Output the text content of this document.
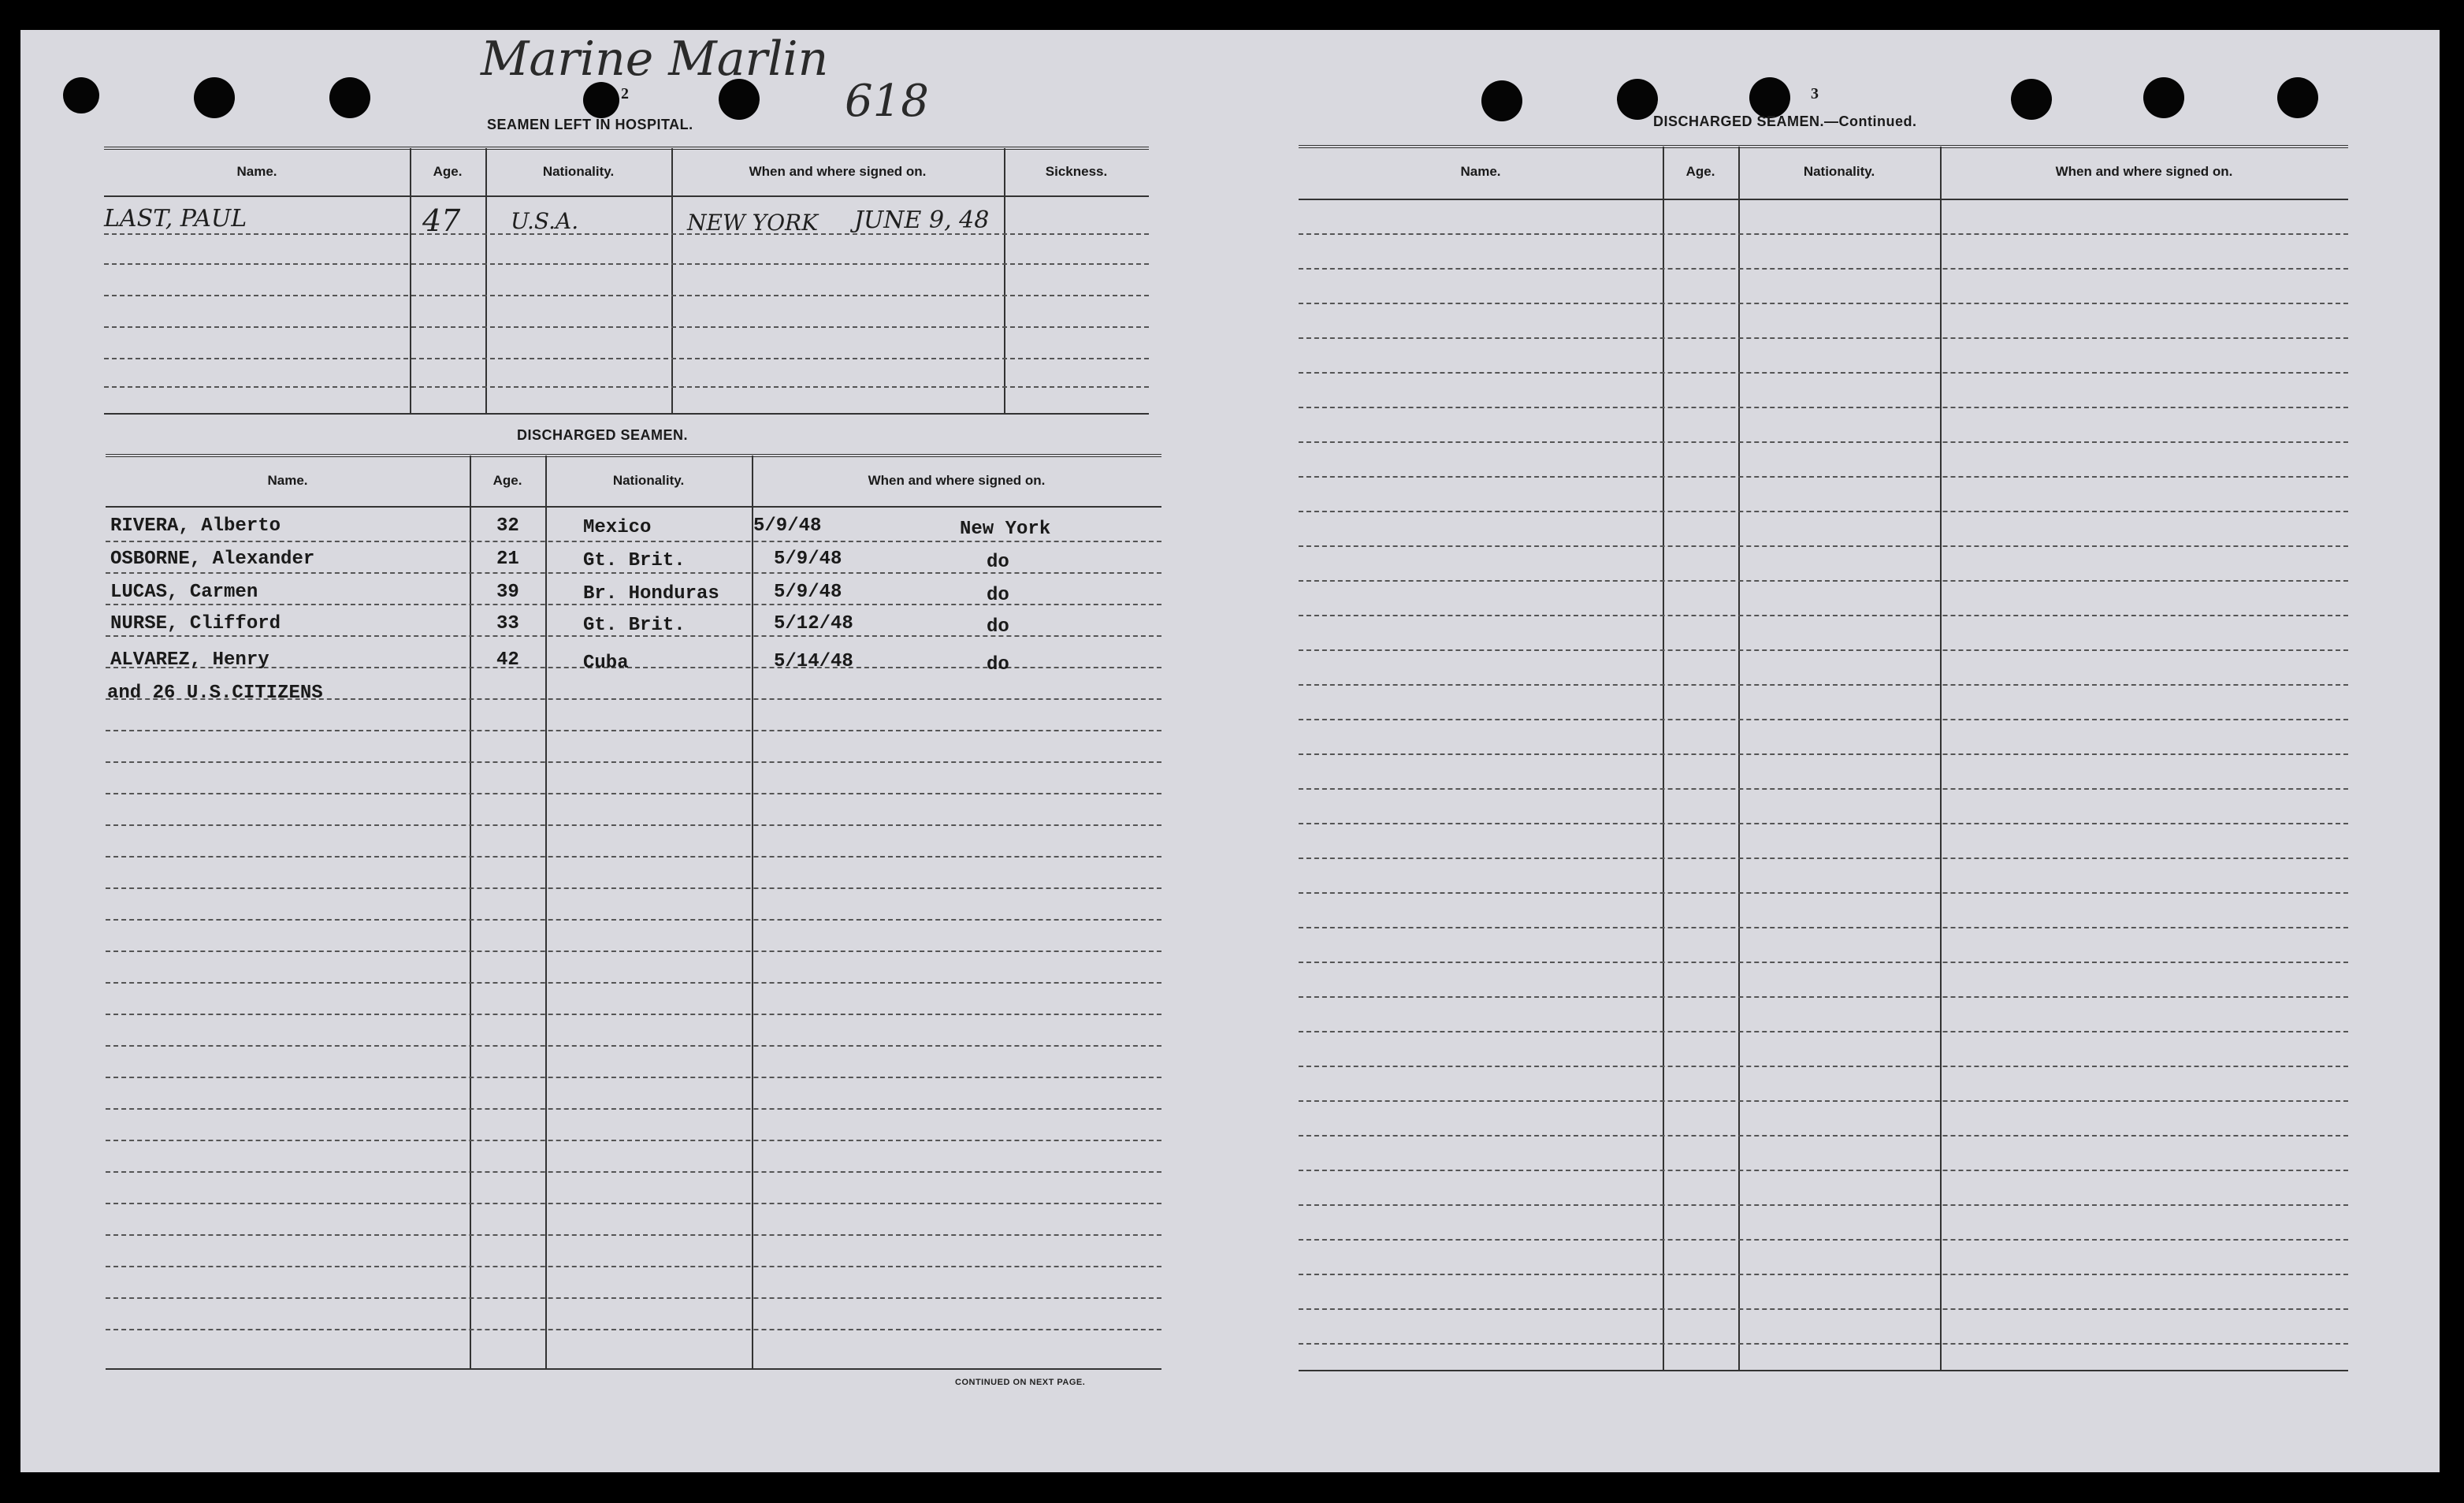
Marine Marlin
618
2	3
SEAMEN LEFT IN HOSPITAL.
Name.	Age.	Nationality.	When and where signed on.	Sickness.
LAST, PAUL	47 U.S.A.	NEW YORK JUNE 9, 48
DISCHARGED SEAMEN.
Name.	Age.	Nationality.	When and where signed on.
RIVERA, Alberto	32	Mexico	5/9/48	New York
OSBORNE, Alexander	21	Gt. Brit.	5/9/48	do
LUCAS, Carmen	39	Br. Honduras	5/9/48	do
NURSE, Clifford	33	Gt. Brit.	5/12/48	do
ALVAREZ, Henry	42	Cuba	5/14/48	do
and 26 U.S.CITIZENS
CONTINUED ON NEXT PAGE.
DISCHARGED SEAMEN.—Continued.
Name.	Age.	Nationality.	When and where signed on.
